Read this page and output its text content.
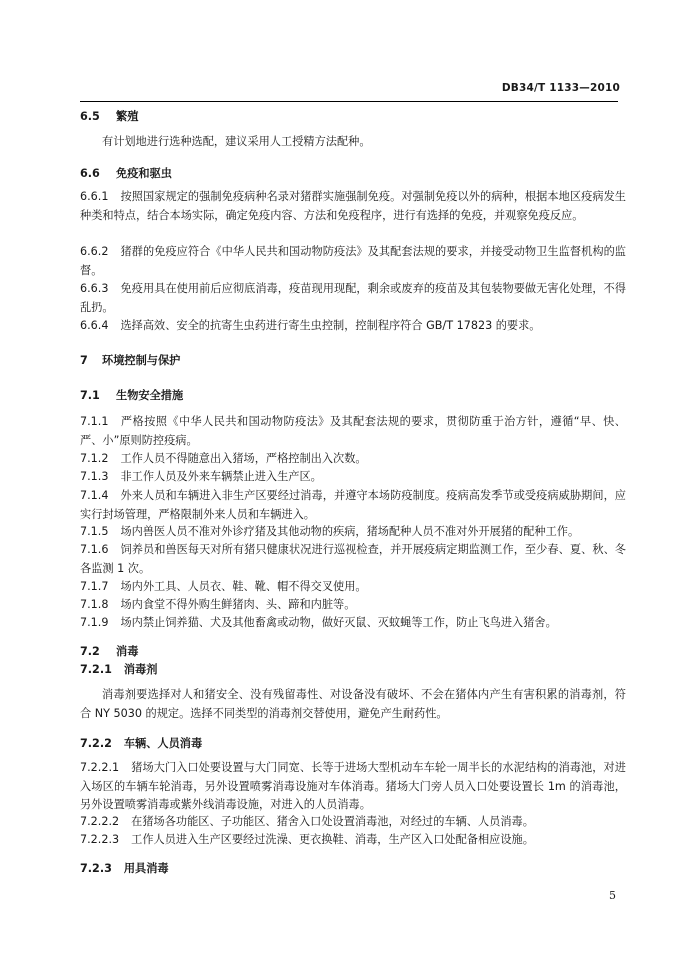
DB34/T 1133—2010
6.5 繁殖
有计划地进行选种选配，建议采用人工授精方法配种。
6.6 免疫和驱虫
6.6.1 按照国家规定的强制免疫病种名录对猪群实施强制免疫。对强制免疫以外的病种，根据本地区疫病发生种类和特点，结合本场实际，确定免疫内容、方法和免疫程序，进行有选择的免疫，并观察免疫反应。
6.6.2 猪群的免疫应符合《中华人民共和国动物防疫法》及其配套法规的要求，并接受动物卫生监督机构的监督。
6.6.3 免疫用具在使用前后应彻底消毒，疫苗现用现配，剩余或废弃的疫苗及其包装物要做无害化处理，不得乱扔。
6.6.4 选择高效、安全的抗寄生虫药进行寄生虫控制，控制程序符合 GB/T 17823 的要求。
7 环境控制与保护
7.1 生物安全措施
7.1.1 严格按照《中华人民共和国动物防疫法》及其配套法规的要求，贯彻防重于治方针，遵循“早、快、严、小”原则防控疫病。
7.1.2 工作人员不得随意出入猪场，严格控制出入次数。
7.1.3 非工作人员及外来车辆禁止进入生产区。
7.1.4 外来人员和车辆进入非生产区要经过消毒，并遵守本场防疫制度。疫病高发季节或受疫病威胁期间，应实行封场管理，严格限制外来人员和车辆进入。
7.1.5 场内兽医人员不准对外诊疗猪及其他动物的疾病，猪场配种人员不准对外开展猪的配种工作。
7.1.6 饲养员和兽医每天对所有猪只健康状况进行巡视检查，并开展疫病定期监测工作，至少春、夏、秋、冬各监测 1 次。
7.1.7 场内外工具、人员衣、鞋、靴、帽不得交叉使用。
7.1.8 场内食堂不得外购生鲜猪肉、头、蹄和内脏等。
7.1.9 场内禁止饲养猫、犬及其他畜禽或动物，做好灭鼠、灭蚊蝇等工作，防止飞鸟进入猪舍。
7.2 消毒
7.2.1 消毒剂
消毒剂要选择对人和猪安全、没有残留毒性、对设备没有破坏、不会在猪体内产生有害积累的消毒剂，符合 NY 5030 的规定。选择不同类型的消毒剂交替使用，避免产生耐药性。
7.2.2 车辆、人员消毒
7.2.2.1 猪场大门入口处要设置与大门同宽、长等于进场大型机动车车轮一周半长的水泥结构的消毒池，对进入场区的车辆车轮消毒，另外设置喷雾消毒设施对车体消毒。猪场大门旁人员入口处要设置长 1m 的消毒池，另外设置喷雾消毒或紫外线消毒设施，对进入的人员消毒。
7.2.2.2 在猪场各功能区、子功能区、猪舍入口处设置消毒池，对经过的车辆、人员消毒。
7.2.2.3 工作人员进入生产区要经过洗澡、更衣换鞋、消毒，生产区入口处配备相应设施。
7.2.3 用具消毒
5
